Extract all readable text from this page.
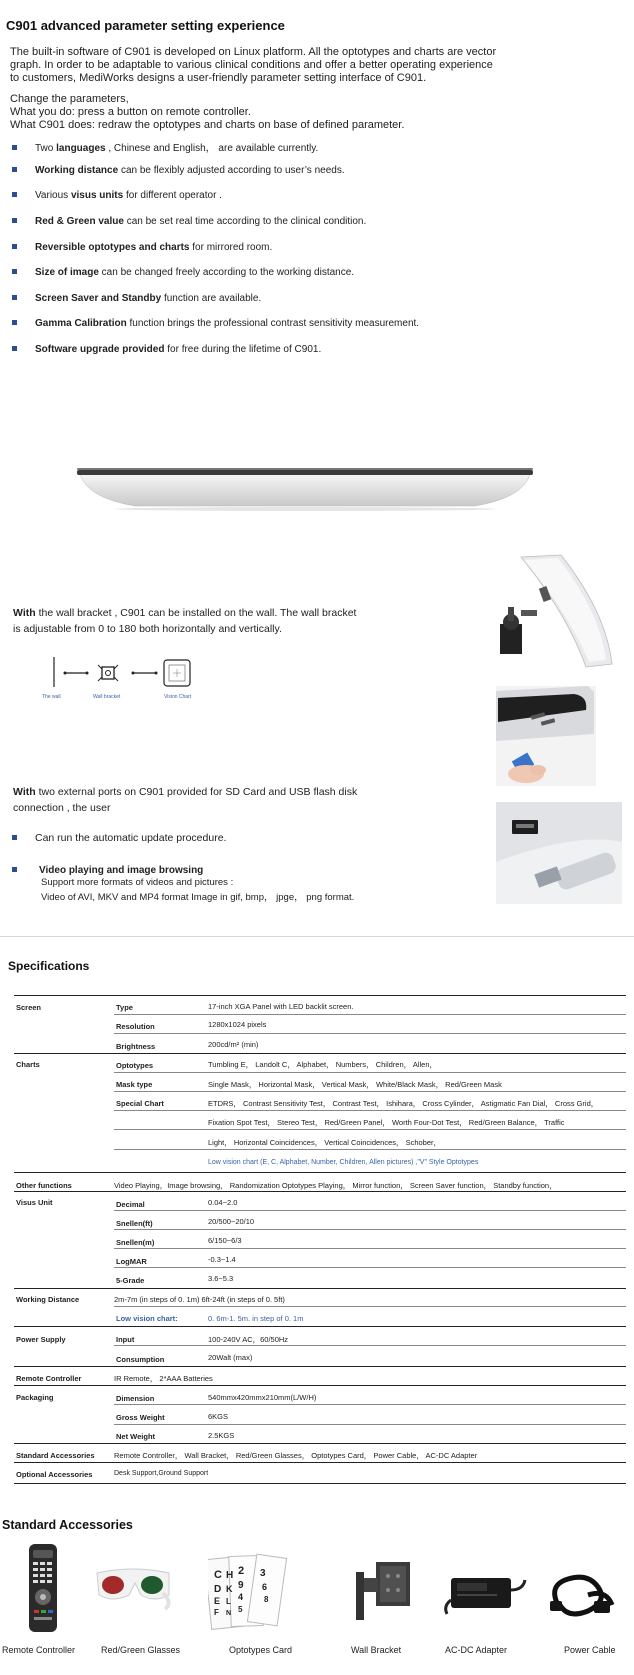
C901 advanced parameter setting experience

The built-in software of C901 is developed on Linux platform. All the optotypes and charts are vector

graph. In order to be adaptable to various clinical conditions and offer a better operating experience

to customers, MediWorks designs a user-friendly parameter setting interface of C901.

Change the parameters,

What you do: press a button on remote controller.

What C901 does: redraw the optotypes and charts on base of defined parameter.

Two languages , Chinese and English， are available currently.
Working distance can be flexibly adjusted according to user’s needs.
Various visus units for different operator .
Red & Green value can be set real time according to the clinical condition.
Reversible optotypes and charts for mirrored room.
Size of image can be changed freely according to the working distance.
Screen Saver and Standby function are available.
Gamma Calibration function brings the professional contrast sensitivity measurement.
Software upgrade provided for free during the lifetime of C901.
With the wall bracket , C901 can be installed on the wall. The wall bracket
is adjustable from 0 to 180 both horizontally and vertically.
The wall	Wall bracket	Vision Chart
With two external ports on C901 provided for SD Card and USB flash disk
connection , the user
Can run the automatic update procedure.
Video playing and image browsing
Support more formats of videos and pictures :
Video of AVI, MKV and MP4 format Image in gif, bmp， jpge， png format.
Specifications
Screen	Type	17-inch XGA Panel with LED backlit screen.
Resolution	1280x1024 pixels
Brightness	200cd/m² (min)
Charts	Optotypes	Tumbling E， Landolt C， Alphabet， Numbers， Children， Allen，
Mask type	Single Mask， Horizontal Mask， Vertical Mask， White/Black Mask， Red/Green Mask
Special Chart	ETDRS， Contrast Sensitivity Test， Contrast Test， Ishihara， Cross Cylinder， Astigmatic Fan Dial， Cross Grid，
Fixation Spot Test， Stereo Test， Red/Green Panel， Worth Four-Dot Test， Red/Green Balance， Traffic
Light， Horizontal Coincidences， Vertical Coincidences， Schober，
Low vision chart (E, C, Alphabet, Number, Children, Allen pictures) ,"V" Style Optotypes
Other functions	Video Playing，Image browsing， Randomization Optotypes Playing， Mirror function， Screen Saver function， Standby function，
Visus Unit	Decimal	0.04~2.0
Snellen(ft)	20/500~20/10
Snellen(m)	6/150~6/3
LogMAR	-0.3~1.4
5-Grade	3.6~5.3
Working Distance	2m-7m (in steps of 0. 1m) 6ft-24ft (in steps of 0. 5ft)
Low vision chart:	0. 6m-1. 5m. in step of 0. 1m
Power Supply	Input	100-240V AC，60/50Hz
Consumption	20Walt (max)
Remote Controller	IR Remote， 2*AAA Batteries
Packaging	Dimension	540mmx420mmx210mm(L/W/H)
Gross Weight	6KGS
Net Weight	2.5KGS
Standard Accessories	Remote Controller， Wall Bracket， Red/Green Glasses， Optotypes Card， Power Cable， AC-DC Adapter
Optional Accessories	Desk Support,Ground Support
Standard Accessories
C
D
E
F
H
K
L
N
2
9
4
5
3
6
8
Remote Controller	Red/Green Glasses	Optotypes Card	Wall Bracket	AC-DC Adapter	Power Cable
